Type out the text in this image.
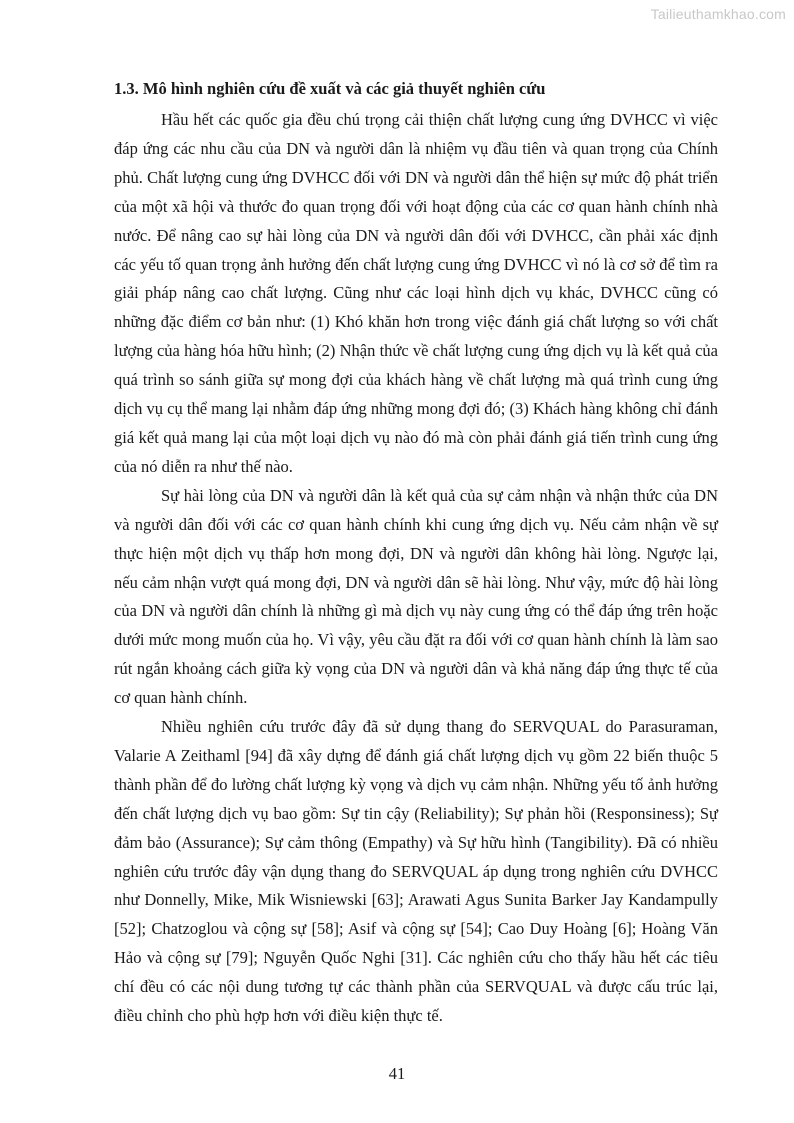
Tailieuthamkhao.com

1.3. Mô hình nghiên cứu đề xuất và các giả thuyết nghiên cứu

Hầu hết các quốc gia đều chú trọng cải thiện chất lượng cung ứng DVHCC vì việc đáp ứng các nhu cầu của DN và người dân là nhiệm vụ đầu tiên và quan trọng của Chính phủ. Chất lượng cung ứng DVHCC đối với DN và người dân thể hiện sự mức độ phát triển của một xã hội và thước đo quan trọng đối với hoạt động của các cơ quan hành chính nhà nước. Để nâng cao sự hài lòng của DN và người dân đối với DVHCC, cần phải xác định các yếu tố quan trọng ảnh hưởng đến chất lượng cung ứng DVHCC vì nó là cơ sở để tìm ra giải pháp nâng cao chất lượng. Cũng như các loại hình dịch vụ khác, DVHCC cũng có những đặc điểm cơ bản như: (1) Khó khăn hơn trong việc đánh giá chất lượng so với chất lượng của hàng hóa hữu hình; (2) Nhận thức về chất lượng cung ứng dịch vụ là kết quả của quá trình so sánh giữa sự mong đợi của khách hàng về chất lượng mà quá trình cung ứng dịch vụ cụ thể mang lại nhằm đáp ứng những mong đợi đó; (3) Khách hàng không chỉ đánh giá kết quả mang lại của một loại dịch vụ nào đó mà còn phải đánh giá tiến trình cung ứng của nó diễn ra như thế nào.

Sự hài lòng của DN và người dân là kết quả của sự cảm nhận và nhận thức của DN và người dân đối với các cơ quan hành chính khi cung ứng dịch vụ. Nếu cảm nhận về sự thực hiện một dịch vụ thấp hơn mong đợi, DN và người dân không hài lòng. Ngược lại, nếu cảm nhận vượt quá mong đợi, DN và người dân sẽ hài lòng. Như vậy, mức độ hài lòng của DN và người dân chính là những gì mà dịch vụ này cung ứng có thể đáp ứng trên hoặc dưới mức mong muốn của họ. Vì vậy, yêu cầu đặt ra đối với cơ quan hành chính là làm sao rút ngắn khoảng cách giữa kỳ vọng của DN và người dân và khả năng đáp ứng thực tế của cơ quan hành chính.

Nhiều nghiên cứu trước đây đã sử dụng thang đo SERVQUAL do Parasuraman, Valarie A Zeithaml [94] đã xây dựng để đánh giá chất lượng dịch vụ gồm 22 biến thuộc 5 thành phần để đo lường chất lượng kỳ vọng và dịch vụ cảm nhận. Những yếu tố ảnh hưởng đến chất lượng dịch vụ bao gồm: Sự tin cậy (Reliability); Sự phản hồi (Responsiness); Sự đảm bảo (Assurance); Sự cảm thông (Empathy) và Sự hữu hình (Tangibility). Đã có nhiều nghiên cứu trước đây vận dụng thang đo SERVQUAL áp dụng trong nghiên cứu DVHCC như Donnelly, Mike, Mik Wisniewski [63]; Arawati Agus Sunita Barker Jay Kandampully [52]; Chatzoglou và cộng sự [58]; Asif và cộng sự [54]; Cao Duy Hoàng [6]; Hoàng Văn Hảo và cộng sự [79]; Nguyễn Quốc Nghi [31]. Các nghiên cứu cho thấy hầu hết các tiêu chí đều có các nội dung tương tự các thành phần của SERVQUAL và được cấu trúc lại, điều chỉnh cho phù hợp hơn với điều kiện thực tế.

41
